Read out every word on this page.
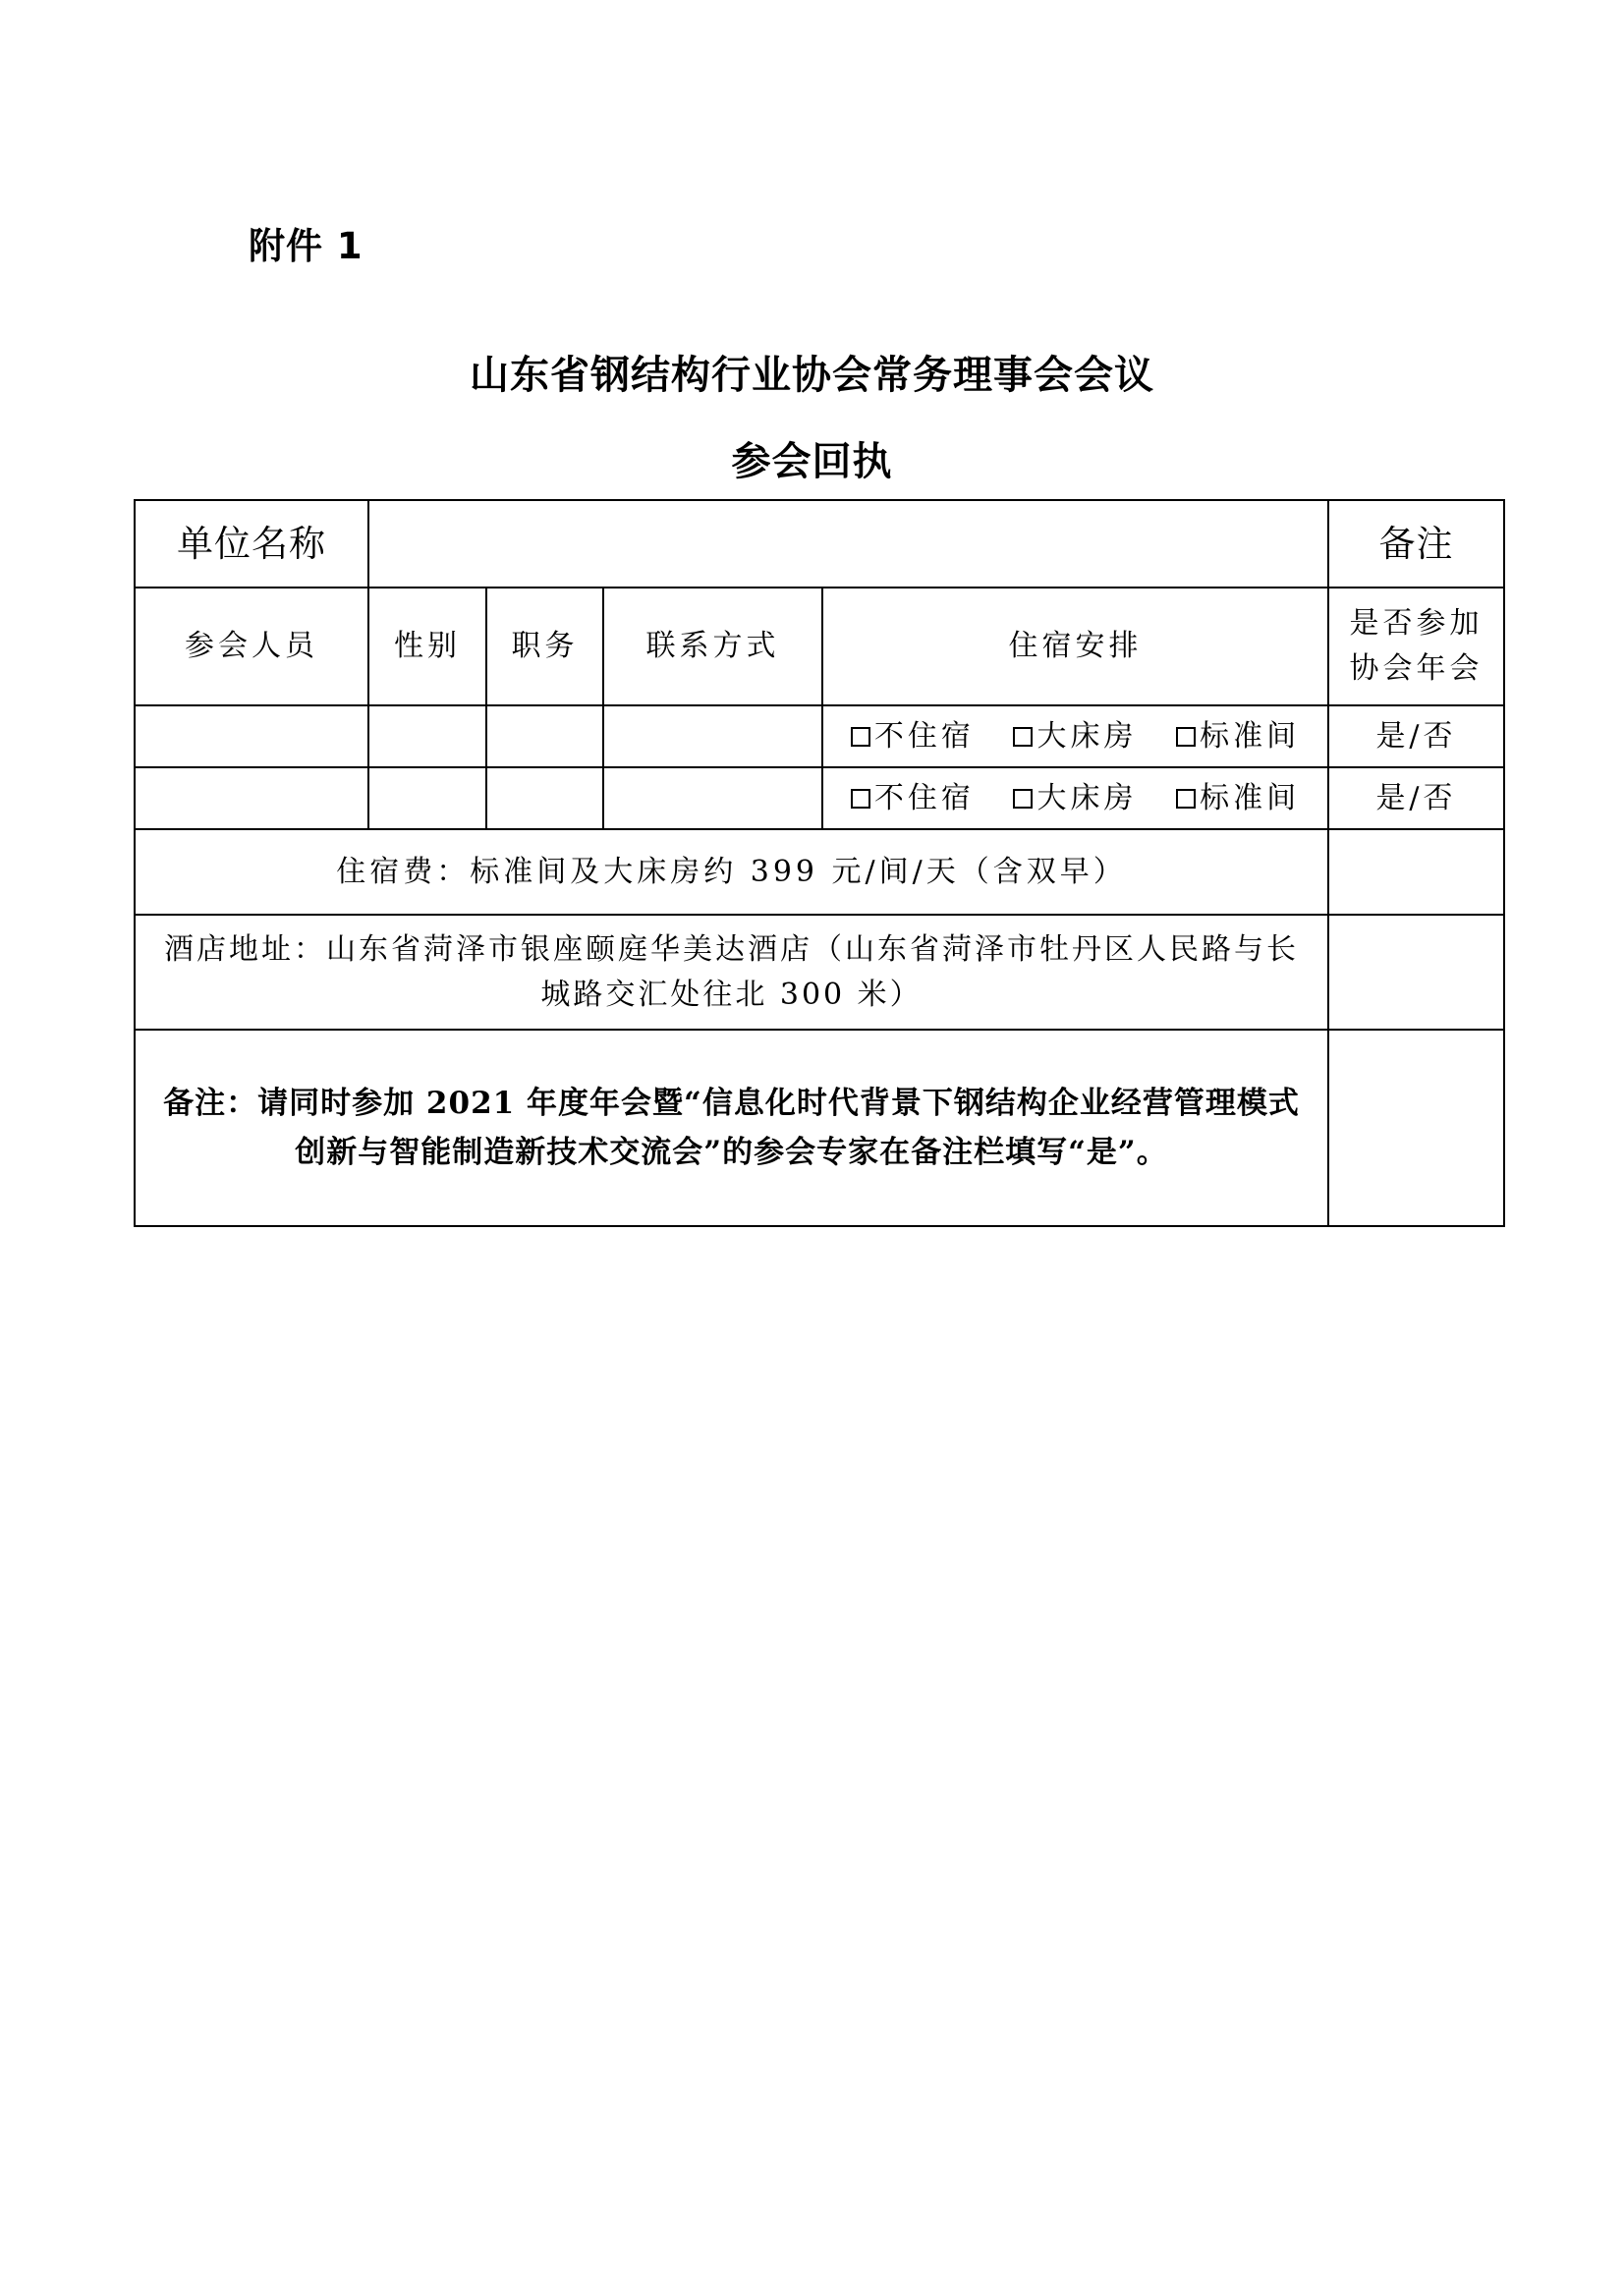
附件 1
山东省钢结构行业协会常务理事会会议
参会回执
单位名称					备注
参会人员	性别	职务	联系方式	住宿安排	是否参加
协会年会

				不住宿 大床房 标准间	是/否

				不住宿 大床房 标准间	是/否
住宿费：标准间及大床房约 399 元/间/天（含双早）					

酒店地址：山东省菏泽市银座颐庭华美达酒店（山东省菏泽市牡丹区人民路与长
城路交汇处往北 300 米）					

备注：请同时参加 2021 年度年会暨“信息化时代背景下钢结构企业经营管理模式
创新与智能制造新技术交流会”的参会专家在备注栏填写“是”。					
